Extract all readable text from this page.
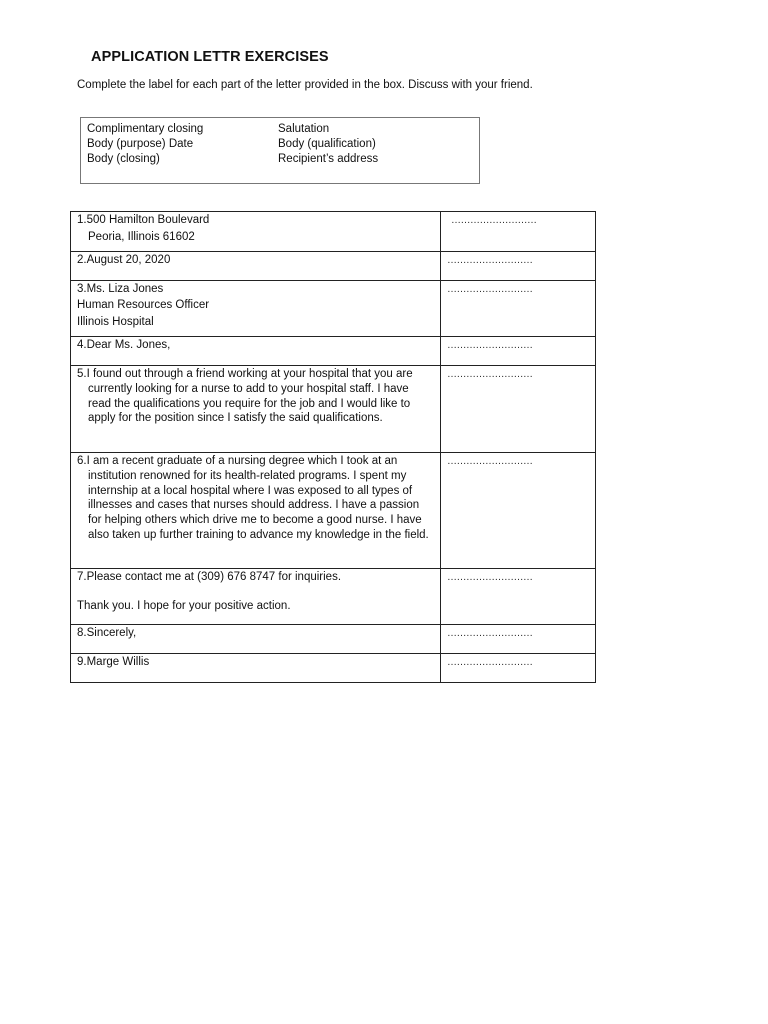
APPLICATION LETTR EXERCISES
Complete the label for each part of the letter provided in the box. Discuss with your friend.
Complimentary closing
Body (purpose) Date
Body (closing)
Salutation
Body (qualification)
Recipient’s address

1.500 Hamilton Boulevard

Peoria, Illinois 61602	………………………

2.August 20, 2020	………………………

3.Ms. Liza Jones

Human Resources Officer

Illinois Hospital	………………………

4.Dear Ms. Jones,	………………………

5.I found out through a friend working at your hospital that you are currently looking for a nurse to add to your hospital staff. I have read the qualifications you require for the job and I would like to apply for the position since I satisfy the said qualifications.	………………………

6.I am a recent graduate of a nursing degree which I took at an institution renowned for its health-related programs. I spent my internship at a local hospital where I was exposed to all types of illnesses and cases that nurses should address. I have a passion for helping others which drive me to become a good nurse. I have also taken up further training to advance my knowledge in the field.	………………………

7.Please contact me at (309) 676 8747 for inquiries.

Thank you. I hope for your positive action.	………………………

8.Sincerely,	………………………

9.Marge Willis	………………………
